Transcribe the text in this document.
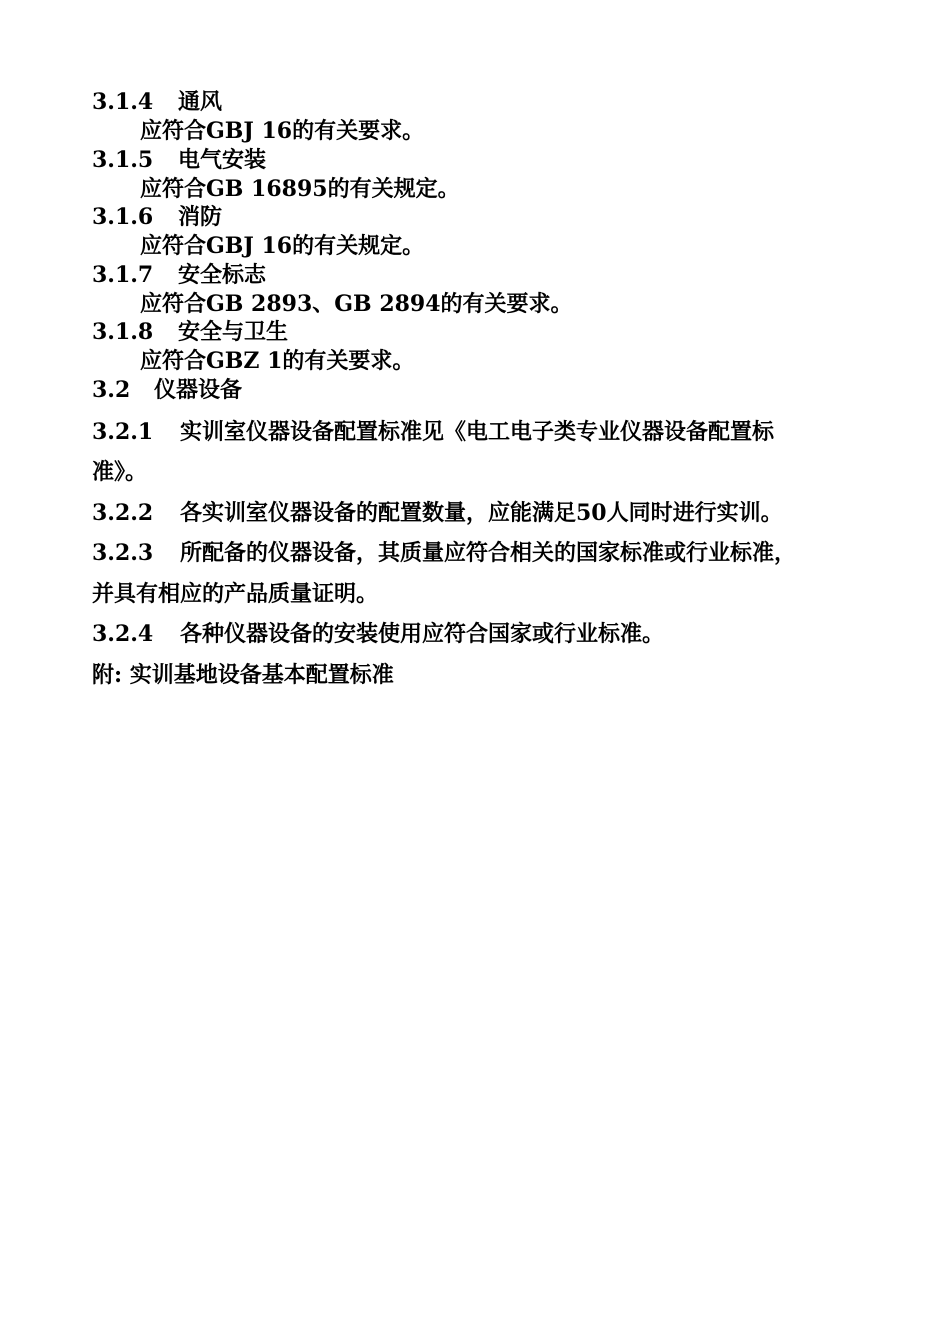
3.1.4 通风
应符合GBJ 16的有关要求。
3.1.5 电气安装
应符合GB 16895的有关规定。
3.1.6 消防
应符合GBJ 16的有关规定。
3.1.7 安全标志
应符合GB 2893、GB 2894的有关要求。
3.1.8 安全与卫生
应符合GBZ 1的有关要求。
3.2 仪器设备
3.2.1 实训室仪器设备配置标准见《电工电子类专业仪器设备配置标
准》。
3.2.2 各实训室仪器设备的配置数量，应能满足50人同时进行实训。
3.2.3 所配备的仪器设备，其质量应符合相关的国家标准或行业标准，
并具有相应的产品质量证明。
3.2.4 各种仪器设备的安装使用应符合国家或行业标准。
附: 实训基地设备基本配置标准
